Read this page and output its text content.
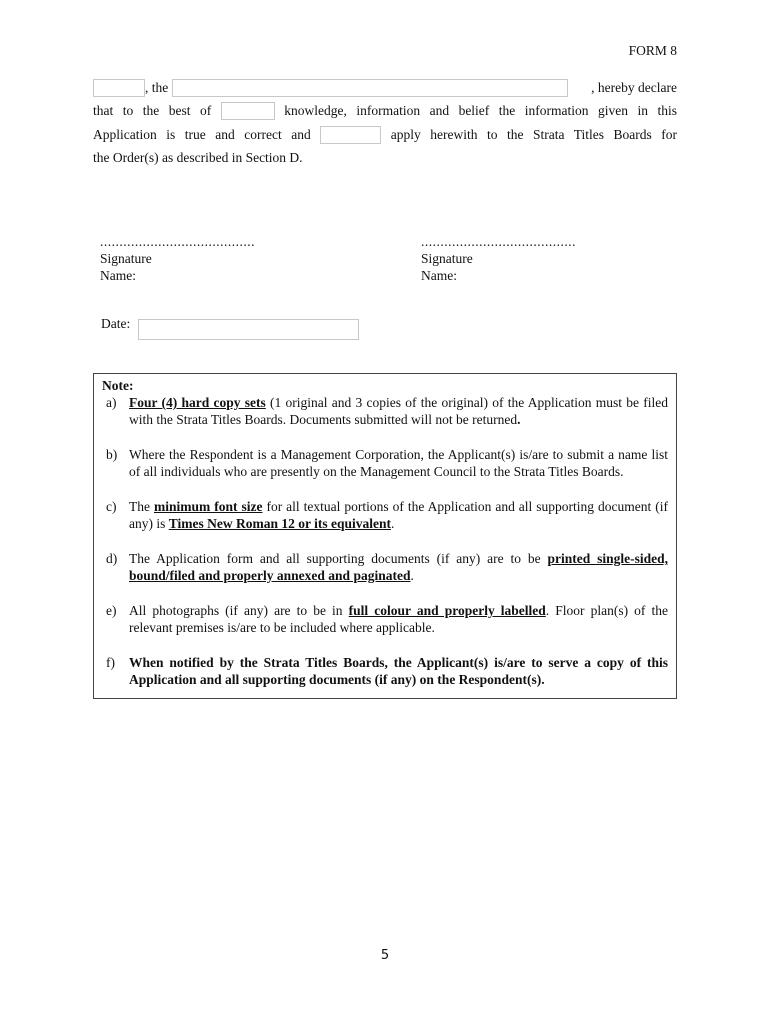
FORM 8
, the	, hereby declare
that to the best of	knowledge, information and belief the information given in this
Application is true and correct and	apply herewith to the Strata Titles Boards for
the Order(s) as described in Section D.
........................................
Signature
Name:
........................................
Signature
Name:
Date:
Note:
a) Four (4) hard copy sets (1 original and 3 copies of the original) of the Application must be filed with the Strata Titles Boards. Documents submitted will not be returned.
b) Where the Respondent is a Management Corporation, the Applicant(s) is/are to submit a name list of all individuals who are presently on the Management Council to the Strata Titles Boards.
c) The minimum font size for all textual portions of the Application and all supporting document (if any) is Times New Roman 12 or its equivalent.
d) The Application form and all supporting documents (if any) are to be printed single-sided, bound/filed and properly annexed and paginated.
e) All photographs (if any) are to be in full colour and properly labelled. Floor plan(s) of the relevant premises is/are to be included where applicable.
f)	When notified by the Strata Titles Boards, the Applicant(s) is/are to serve a copy of this Application and all supporting documents (if any) on the Respondent(s).
5
